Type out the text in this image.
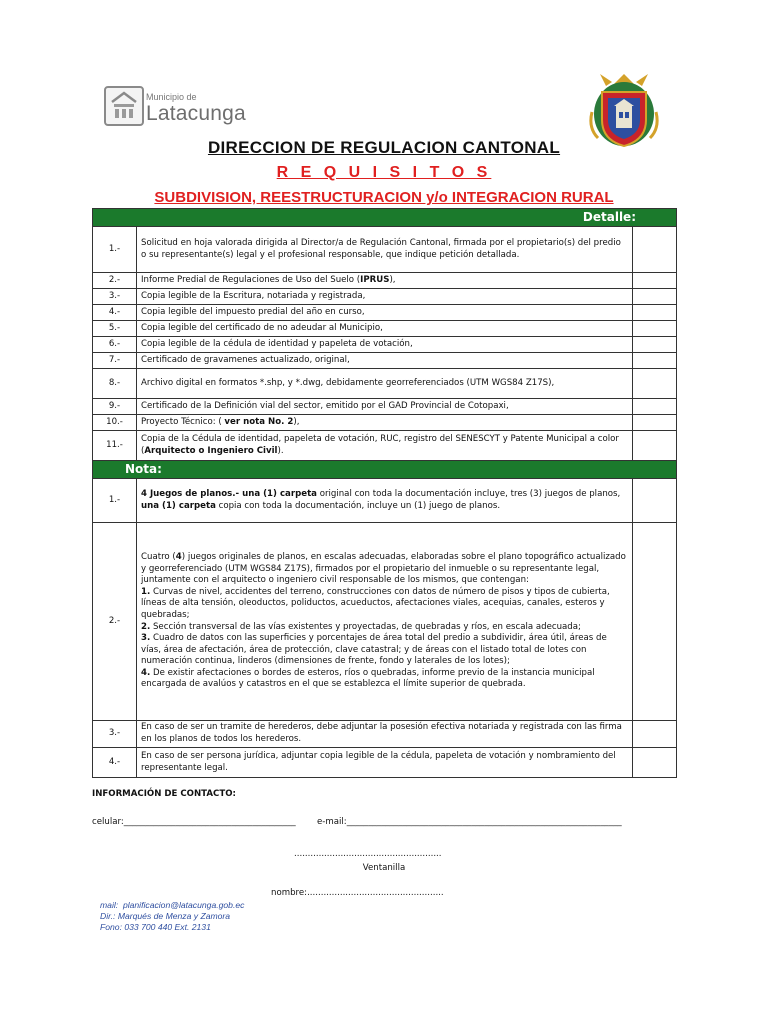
Municipio de
Latacunga
DIRECCION DE REGULACION CANTONAL
R E Q U I S I T O S
SUBDIVISION, REESTRUCTURACION y/o INTEGRACION RURAL
Detalle:		
1.-	Solicitud en hoja valorada dirigida al Director/a de Regulación Cantonal, firmada por el propietario(s) del predio o su representante(s) legal y el profesional responsable, que indique petición detallada.	
2.-	Informe Predial de Regulaciones de Uso del Suelo (IPRUS),	
3.-	Copia legible de la Escritura, notariada y registrada,	
4.-	Copia legible del impuesto predial del año en curso,	
5.-	Copia legible del certificado de no adeudar al Municipio,	
6.-	Copia legible de la cédula de identidad y papeleta de votación,	
7.-	Certificado de gravamenes actualizado, original,	
8.-	Archivo digital en formatos *.shp, y *.dwg, debidamente georreferenciados (UTM WGS84 Z17S),	
9.-	Certificado de la Definición vial del sector, emitido por el GAD Provincial de Cotopaxi,	
10.-	Proyecto Técnico: ( ver nota No. 2),	
11.-	Copia de la Cédula de identidad, papeleta de votación, RUC, registro del SENESCYT y Patente Municipal a color (Arquitecto o Ingeniero Civil).	
Nota:		
1.-	4 Juegos de planos.- una (1) carpeta original con toda la documentación incluye, tres (3) juegos de planos, una (1) carpeta copia con toda la documentación, incluye un (1) juego de planos.	
2.-	Cuatro (4) juegos originales de planos, en escalas adecuadas, elaboradas sobre el plano topográfico actualizado y georreferenciado (UTM WGS84 Z17S), firmados por el propietario del inmueble o su representante legal, juntamente con el arquitecto o ingeniero civil responsable de los mismos, que contengan:
1. Curvas de nivel, accidentes del terreno, construcciones con datos de número de pisos y tipos de cubierta, líneas de alta tensión, oleoductos, poliductos, acueductos, afectaciones viales, acequias, canales, esteros y quebradas;
2. Sección transversal de las vías existentes y proyectadas, de quebradas y ríos, en escala adecuada;
3. Cuadro de datos con las superficies y porcentajes de área total del predio a subdividir, área útil, áreas de vías, área de afectación, área de protección, clave catastral; y de áreas con el listado total de lotes con numeración continua, linderos (dimensiones de frente, fondo y laterales de los lotes);
4. De existir afectaciones o bordes de esteros, ríos o quebradas, informe previo de la instancia municipal encargada de avalúos y catastros en el que se establezca el límite superior de quebrada.	

3.-	En caso de ser un tramite de herederos, debe adjuntar la posesión efectiva notariada y registrada con las firma en los planos de todos los herederos.	
4.-	En caso de ser persona jurídica, adjuntar copia legible de la cédula, papeleta de votación y nombramiento del representante legal.	
INFORMACIÓN DE CONTACTO:
celular:________________________________________ e-mail:________________________________________________________________
......................................................
Ventanilla
nombre:..................................................
mail: planificacion@latacunga.gob.ec
Dir.: Marqués de Menza y Zamora
Fono: 033 700 440 Ext. 2131
